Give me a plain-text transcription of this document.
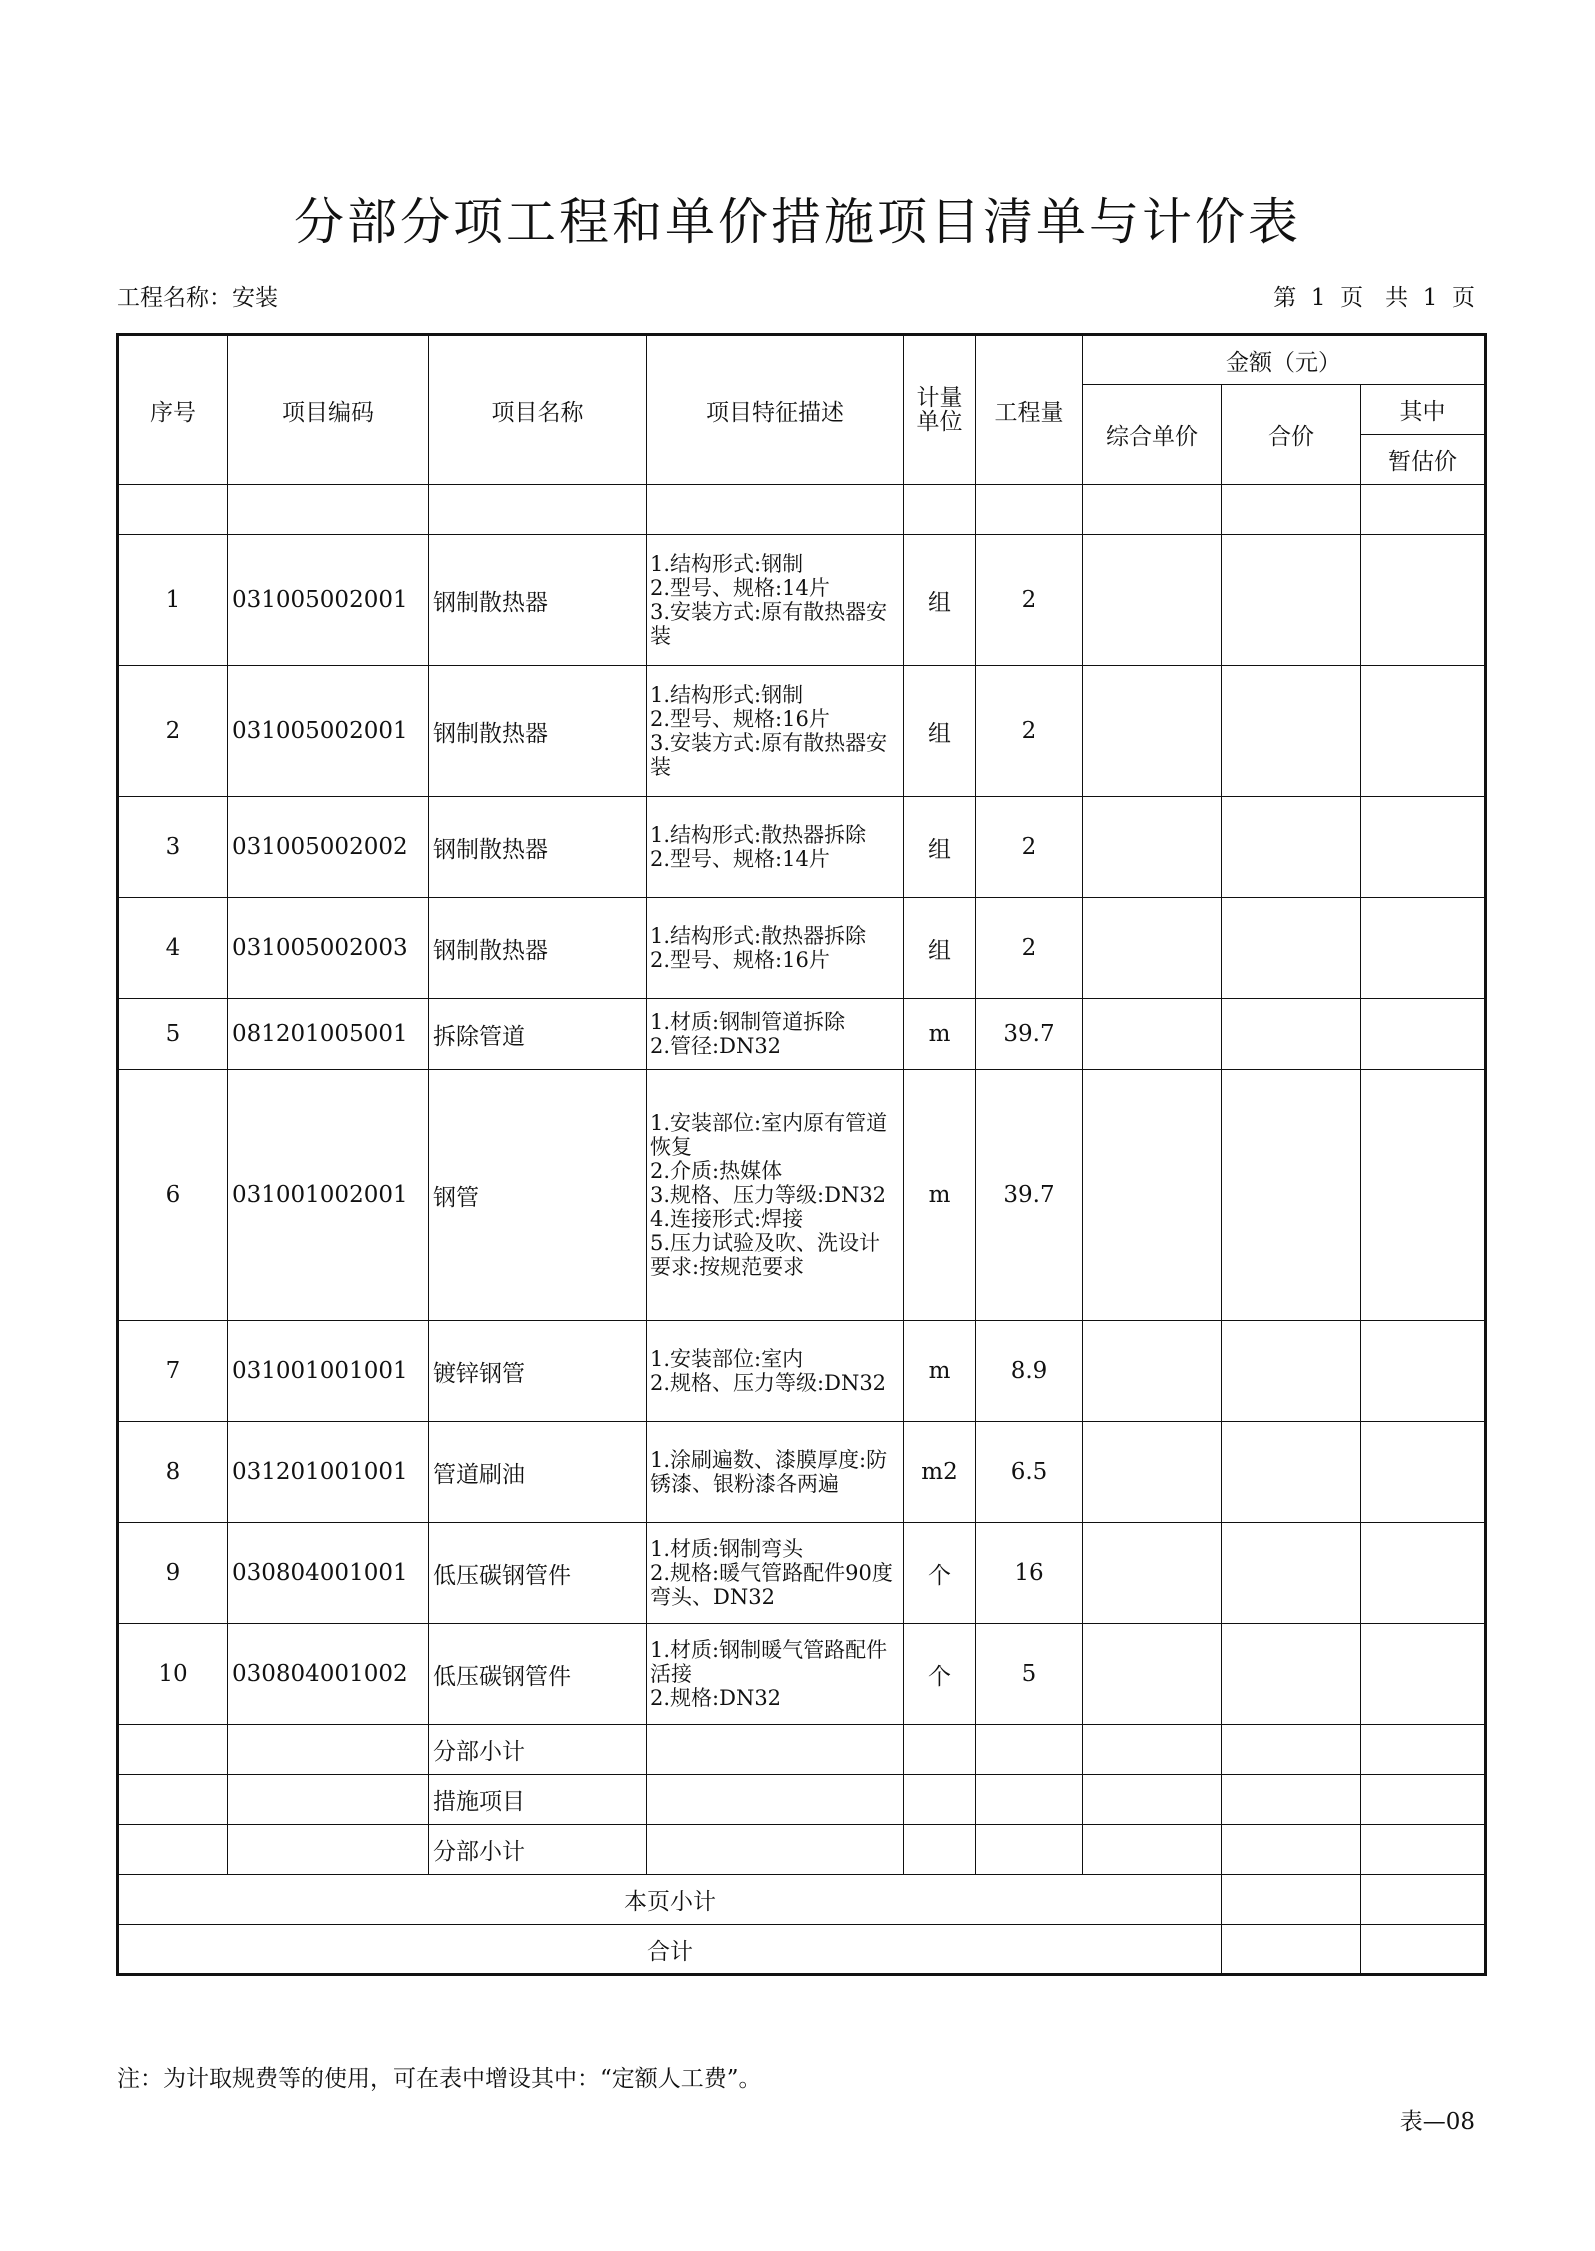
分部分项工程和单价措施项目清单与计价表
工程名称：安装	第  1  页   共  1  页
序号	项目编码	项目名称	项目特征描述	计量
单位	工程量	金额（元）		
						综合单价	合价	其中
								暂估价

1	031005002001	钢制散热器	1.结构形式:钢制
2.型号、规格:14片
3.安装方式:原有散热器安装	组	2			
2	031005002001	钢制散热器	1.结构形式:钢制
2.型号、规格:16片
3.安装方式:原有散热器安装	组	2			
3	031005002002	钢制散热器	1.结构形式:散热器拆除
2.型号、规格:14片	组	2			
4	031005002003	钢制散热器	1.结构形式:散热器拆除
2.型号、规格:16片	组	2			
5	081201005001	拆除管道	1.材质:钢制管道拆除
2.管径:DN32	m	39.7			
6	031001002001	钢管	1.安装部位:室内原有管道恢复
2.介质:热媒体
3.规格、压力等级:DN32
4.连接形式:焊接
5.压力试验及吹、洗设计要求:按规范要求	m	39.7			
7	031001001001	镀锌钢管	1.安装部位:室内
2.规格、压力等级:DN32	m	8.9			
8	031201001001	管道刷油	1.涂刷遍数、漆膜厚度:防锈漆、银粉漆各两遍	m2	6.5			
9	030804001001	低压碳钢管件	1.材质:钢制弯头
2.规格:暖气管路配件90度弯头、DN32	个	16			
10	030804001002	低压碳钢管件	1.材质:钢制暖气管路配件活接
2.规格:DN32	个	5			
		分部小计						
		措施项目						
		分部小计						
本页小计								
合计								
注：为计取规费等的使用，可在表中增设其中：“定额人工费”。
表—08
